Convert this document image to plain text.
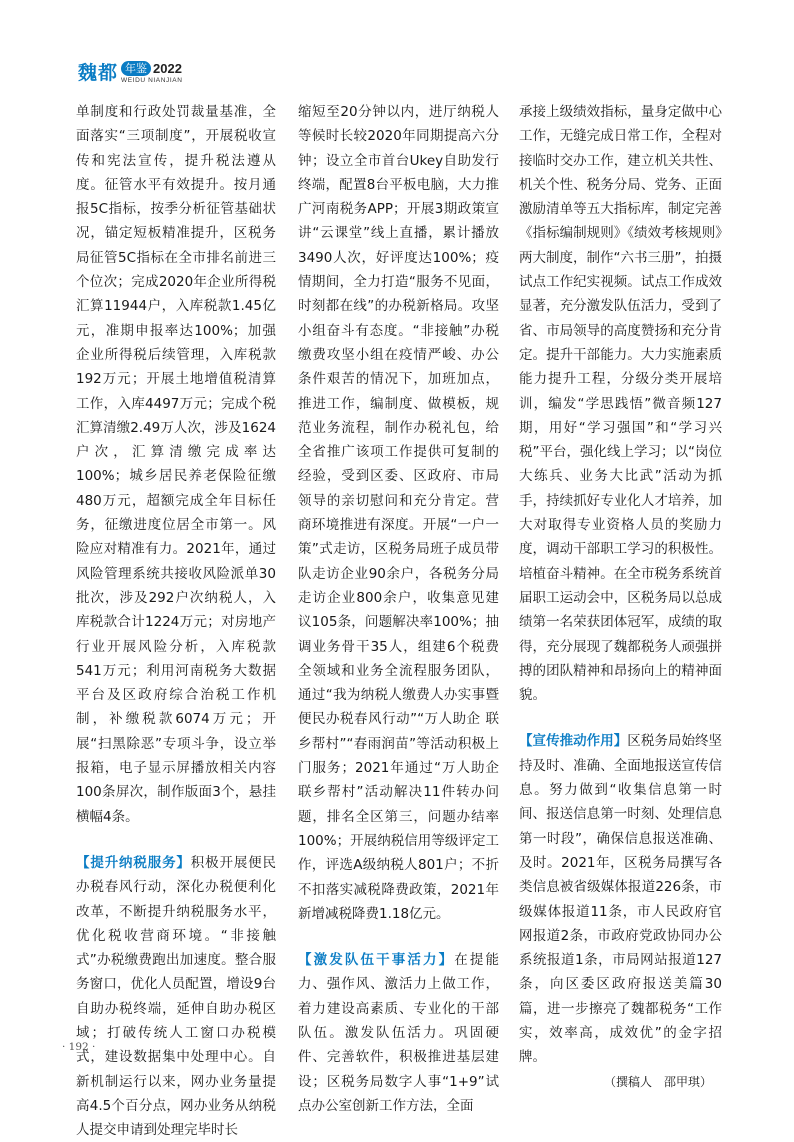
魏都 年鉴 2022
WEIDU NIANJIAN

单制度和行政处罚裁量基准，全面落实“三项制度”，开展税收宣传和宪法宣传，提升税法遵从度。征管水平有效提升。按月通报5C指标，按季分析征管基础状况，锚定短板精准提升，区税务局征管5C指标在全市排名前进三个位次；完成2020年企业所得税汇算11944户，入库税款1.45亿元，准期申报率达100%；加强企业所得税后续管理，入库税款192万元；开展土地增值税清算工作，入库4497万元；完成个税汇算清缴2.49万人次，涉及1624户次，汇算清缴完成率达100%；城乡居民养老保险征缴480万元，超额完成全年目标任务，征缴进度位居全市第一。风险应对精准有力。2021年，通过风险管理系统共接收风险派单30批次，涉及292户次纳税人，入库税款合计1224万元；对房地产行业开展风险分析，入库税款541万元；利用河南税务大数据平台及区政府综合治税工作机制，补缴税款6074万元；开展“扫黑除恶”专项斗争，设立举报箱，电子显示屏播放相关内容100条屏次，制作版面3个，悬挂横幅4条。

【提升纳税服务】积极开展便民办税春风行动，深化办税便利化改革，不断提升纳税服务水平，优化税收营商环境。“非接触式”办税缴费跑出加速度。整合服务窗口，优化人员配置，增设9台自助办税终端，延伸自助办税区域；打破传统人工窗口办税模式，建设数据集中处理中心。自新机制运行以来，网办业务量提高4.5个百分点，网办业务从纳税人提交申请到处理完毕时长

缩短至20分钟以内，进厅纳税人等候时长较2020年同期提高六分钟；设立全市首台Ukey自助发行终端，配置8台平板电脑，大力推广河南税务APP；开展3期政策宣讲“云课堂”线上直播，累计播放3490人次，好评度达100%；疫情期间，全力打造“服务不见面，时刻都在线”的办税新格局。攻坚小组奋斗有态度。“非接触”办税缴费攻坚小组在疫情严峻、办公条件艰苦的情况下，加班加点，推进工作，编制度、做模板，规范业务流程，制作办税礼包，给全省推广该项工作提供可复制的经验，受到区委、区政府、市局领导的亲切慰问和充分肯定。营商环境推进有深度。开展“一户一策”式走访，区税务局班子成员带队走访企业90余户，各税务分局走访企业800余户，收集意见建议105条，问题解决率100%；抽调业务骨干35人，组建6个税费全领域和业务全流程服务团队，通过“我为纳税人缴费人办实事暨便民办税春风行动”“万人助企 联乡帮村”“春雨润苗”等活动积极上门服务；2021年通过“万人助企 联乡帮村”活动解决11件转办问题，排名全区第三，问题办结率100%；开展纳税信用等级评定工作，评选A级纳税人801户；不折不扣落实减税降费政策，2021年新增减税降费1.18亿元。

【激发队伍干事活力】在提能力、强作风、激活力上做工作，着力建设高素质、专业化的干部队伍。激发队伍活力。巩固硬件、完善软件，积极推进基层建设；区税务局数字人事“1+9”试点办公室创新工作方法，全面

承接上级绩效指标，量身定做中心工作，无缝完成日常工作，全程对接临时交办工作，建立机关共性、机关个性、税务分局、党务、正面激励清单等五大指标库，制定完善《指标编制规则》《绩效考核规则》两大制度，制作“六书三册”，拍摄试点工作纪实视频。试点工作成效显著，充分激发队伍活力，受到了省、市局领导的高度赞扬和充分肯定。提升干部能力。大力实施素质能力提升工程，分级分类开展培训，编发“学思践悟”微音频127期，用好“学习强国”和“学习兴税”平台，强化线上学习；以“岗位大练兵、业务大比武”活动为抓手，持续抓好专业化人才培养，加大对取得专业资格人员的奖励力度，调动干部职工学习的积极性。培植奋斗精神。在全市税务系统首届职工运动会中，区税务局以总成绩第一名荣获团体冠军，成绩的取得，充分展现了魏都税务人顽强拼搏的团队精神和昂扬向上的精神面貌。

【宣传推动作用】区税务局始终坚持及时、准确、全面地报送宣传信息。努力做到“收集信息第一时间、报送信息第一时刻、处理信息第一时段”，确保信息报送准确、及时。2021年，区税务局撰写各类信息被省级媒体报道226条，市级媒体报道11条，市人民政府官网报道2条，市政府党政协同办公系统报道1条，市局网站报道127条，向区委区政府报送美篇30篇，进一步擦亮了魏都税务“工作实，效率高，成效优”的金字招牌。

（撰稿人　邵甲琪）

· 192 ·
